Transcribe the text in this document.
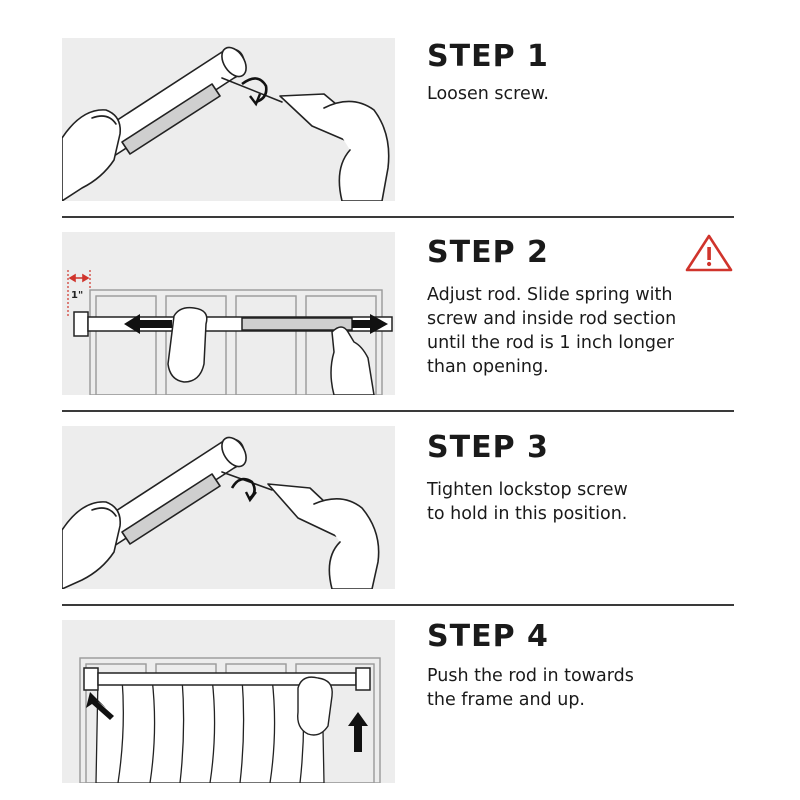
STEP 1
Loosen screw.
1"
STEP 2
Adjust rod. Slide spring with
screw and inside rod section
until the rod is 1 inch longer
than opening.
STEP 3
Tighten lockstop screw
to hold in this position.
STEP 4
Push the rod in towards
the frame and up.
